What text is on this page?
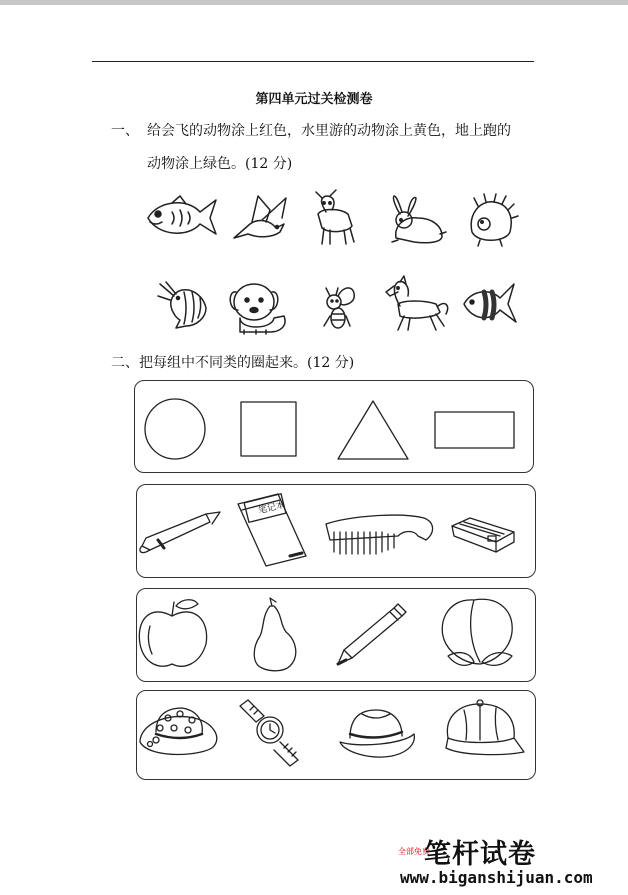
第四单元过关检测卷
一、 给会飞的动物涂上红色，水里游的动物涂上黄色，地上跑的
动物涂上绿色。(12 分)
二、把每组中不同类的圈起来。(12 分)
笔记本
全部免费
笔杆试卷
www.biganshijuan.com
